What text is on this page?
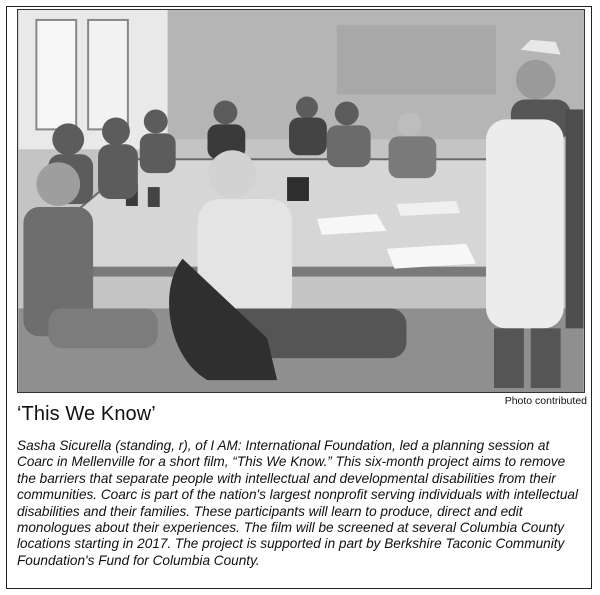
Photo contributed

‘This We Know’

Sasha Sicurella (standing, r), of I AM: International Foundation, led a planning session at Coarc in Mellenville for a short film, “This We Know.” This six-month project aims to remove the barriers that separate people with intellectual and developmental disabilities from their communities. Coarc is part of the nation's largest nonprofit serving individuals with intellectual disabilities and their families. These participants will learn to produce, direct and edit monologues about their experiences. The film will be screened at several Columbia County locations starting in 2017. The project is supported in part by Berkshire Taconic Community Foundation's Fund for Columbia County.
